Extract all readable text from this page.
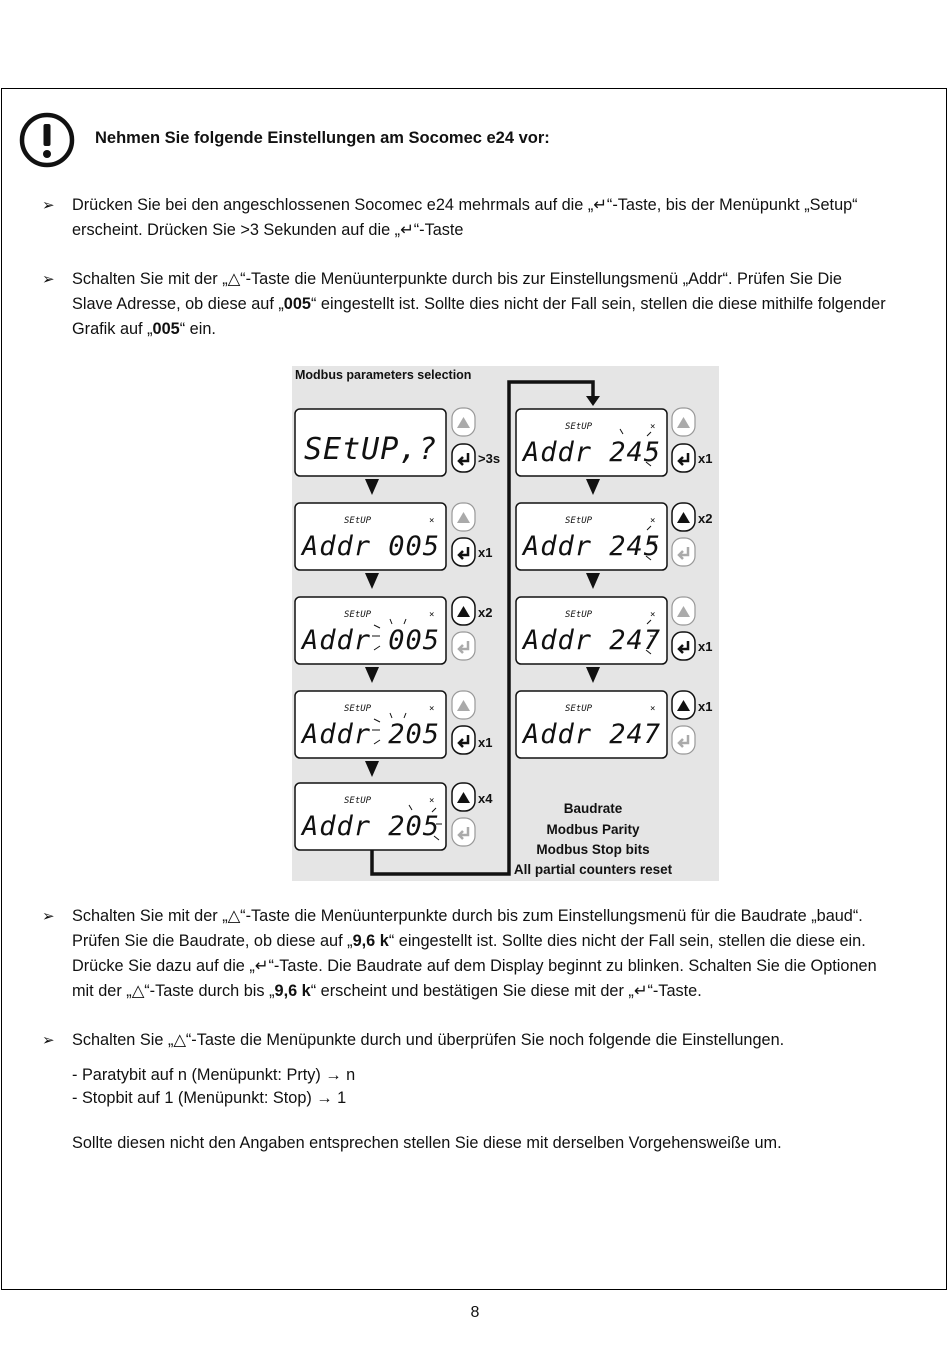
Nehmen Sie folgende Einstellungen am Socomec e24 vor:
➢ Drücken Sie bei den angeschlossenen Socomec e24 mehrmals auf die „↵“-Taste, bis der Menüpunkt „Setup“
erscheint. Drücken Sie >3 Sekunden auf die „↵“-Taste
➢ Schalten Sie mit der „△“-Taste die Menüunterpunkte durch bis zur Einstellungsmenü „Addr“. Prüfen Sie Die
Slave Adresse, ob diese auf „005“ eingestellt ist. Sollte dies nicht der Fall sein, stellen die diese mithilfe folgender
Grafik auf „005“ ein.
Modbus parameters selection
SEtUP,?	>3s
SEtUP	×
Addr 005	x1
SEtUP	×
Addr 005
x2
SEtUP	×
Addr 205	x1
SEtUP	×
Addr 205
x4
SEtUP	×
Addr 245	x1
SEtUP	×
Addr 245
x2
SEtUP	×
Addr 247	x1
SEtUP	×
Addr 247
x1
Baudrate
Modbus Parity
Modbus Stop bits
All partial counters reset
➢ Schalten Sie mit der „△“-Taste die Menüunterpunkte durch bis zum Einstellungsmenü für die Baudrate „baud“.
Prüfen Sie die Baudrate, ob diese auf „9,6 k“ eingestellt ist. Sollte dies nicht der Fall sein, stellen die diese ein.
Drücke Sie dazu auf die „↵“-Taste. Die Baudrate auf dem Display beginnt zu blinken. Schalten Sie die Optionen
mit der „△“-Taste durch bis „9,6 k“ erscheint und bestätigen Sie diese mit der „↵“-Taste.
➢ Schalten Sie „△“-Taste die Menüpunkte durch und überprüfen Sie noch folgende die Einstellungen.
- Paratybit auf n (Menüpunkt: Prty) → n
- Stopbit auf 1 (Menüpunkt: Stop) → 1
Sollte diesen nicht den Angaben entsprechen stellen Sie diese mit derselben Vorgehensweiße um.
8
